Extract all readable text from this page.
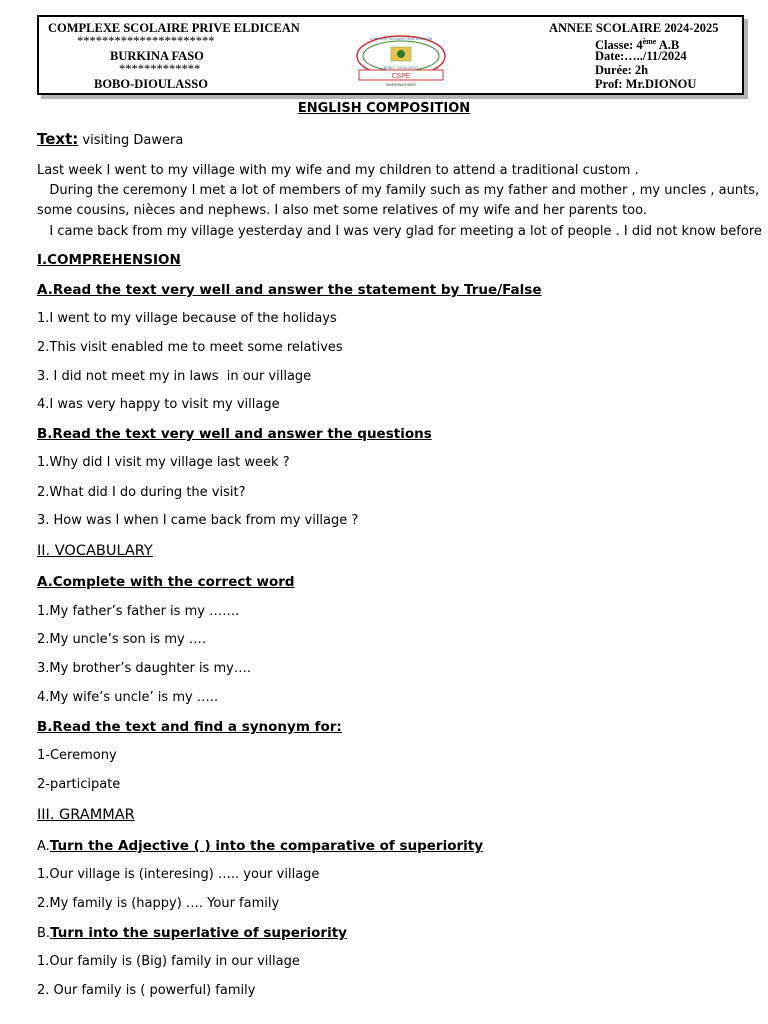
COMPLEXE SCOLAIRE PRIVE ELDICEAN
**********************
BURKINA FASO
*************
BOBO-DIOULASSO
CSPE
BURKINA FASO
COMPLEXE SCOLAIRE PRIVE ELDICEAN
BOBO - DIOULASSO
ANNEE SCOLAIRE 2024-2025
Classe: 4ème A.B
Date:…../11/2024
Durée: 2h
Prof: Mr.DIONOU
ENGLISH COMPOSITION
Text: visiting Dawera
Last week I went to my village with my wife and my children to attend a traditional custom .
During the ceremony I met a lot of members of my family such as my father and mother , my uncles , aunts,
some cousins, nièces and nephews. I also met some relatives of my wife and her parents too.
I came back from my village yesterday and I was very glad for meeting a lot of people . I did not know before
I.COMPREHENSION
A.Read the text very well and answer the statement by True/False
1.I went to my village because of the holidays
2.This visit enabled me to meet some relatives
3. I did not meet my in laws  in our village
4.I was very happy to visit my village
B.Read the text very well and answer the questions
1.Why did I visit my village last week ?
2.What did I do during the visit?
3. How was I when I came back from my village ?
II. VOCABULARY
A.Complete with the correct word
1.My father’s father is my …….
2.My uncle’s son is my ….
3.My brother’s daughter is my….
4.My wife’s uncle’ is my …..
B.Read the text and find a synonym for:
1-Ceremony
2-participate
III. GRAMMAR
A.Turn the Adjective ( ) into the comparative of superiority
1.Our village is (interesing) ….. your village
2.My family is (happy) …. Your family
B.Turn into the superlative of superiority
1.Our family is (Big) family in our village
2. Our family is ( powerful) family
